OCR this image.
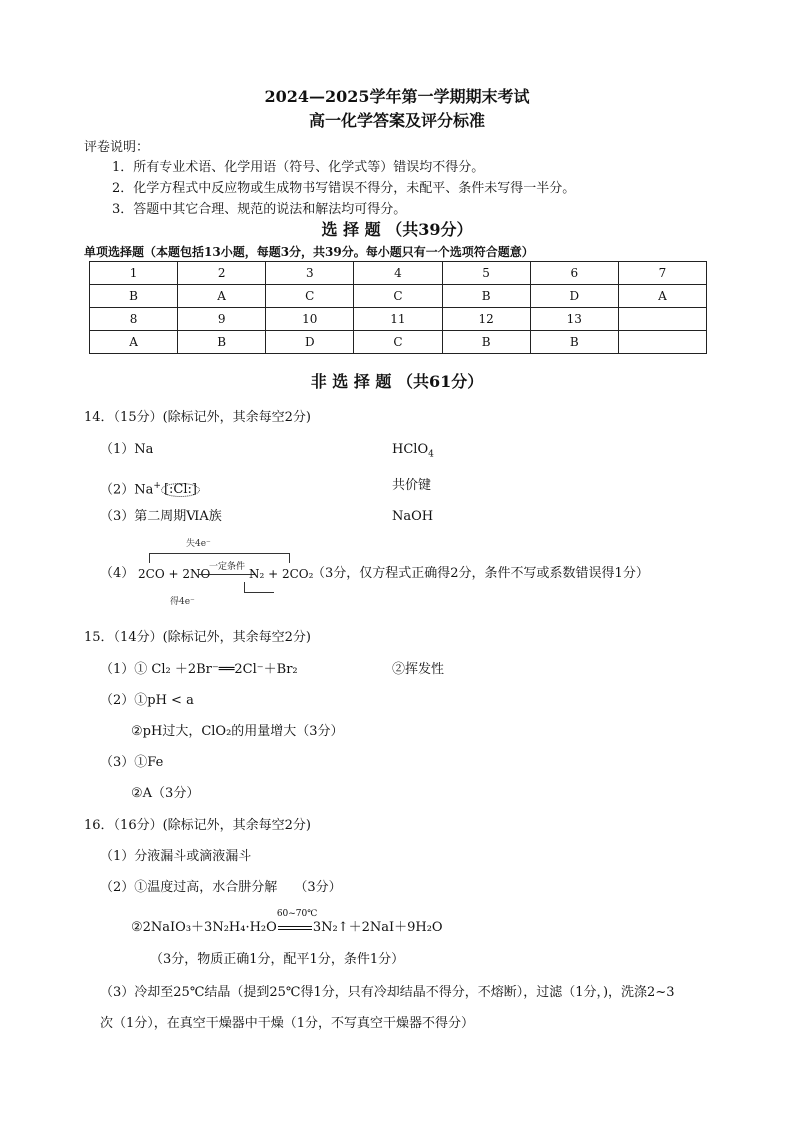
2024—2025学年第一学期期末考试
高一化学答案及评分标准
评卷说明：
1．所有专业术语、化学用语（符号、化学式等）错误均不得分。
2．化学方程式中反应物或生成物书写错误不得分，未配平、条件未写得一半分。
3．答题中其它合理、规范的说法和解法均可得分。
选 择 题 （共39分）
单项选择题（本题包括13小题，每题3分，共39分。每小题只有一个选项符合题意）
1	2	3	4	5	6	7
B	A	C	C	B	D	A
8	9	10	11	12	13	
A	B	D	C	B	B	
非 选 择 题 （共61分）
14．（15分）(除标记外，其余每空2分)
（1）Na	HClO$_4$
（2）Na+ [:Cl:]	共价键
（3）第二周期ⅥA族	NaOH
失4e⁻
（4） 2CO + 2NO
一定条件 N₂ + 2CO₂
（3分，仅方程式正确得2分，条件不写或系数错误得1分）
得4e⁻
15．（14分）(除标记外，其余每空2分)
（1）① Cl₂ ＋2Br⁻══2Cl⁻＋Br₂	②挥发性
（2）①pH < a
②pH过大，ClO₂的用量增大（3分）
（3）①Fe
②A（3分）
16．（16分）(除标记外，其余每空2分)
（1）分液漏斗或滴液漏斗
（2）①温度过高，水合肼分解　 （3分）
②2NaIO₃＋3N₂H₄·H₂O
60~70℃
3N₂↑＋2NaI＋9H₂O
（3分，物质正确1分，配平1分，条件1分）
（3）冷却至25℃结晶（提到25℃得1分，只有冷却结晶不得分，不熔断），过滤（1分，)，洗涤2~3
次（1分），在真空干燥器中干燥（1分，不写真空干燥器不得分）
